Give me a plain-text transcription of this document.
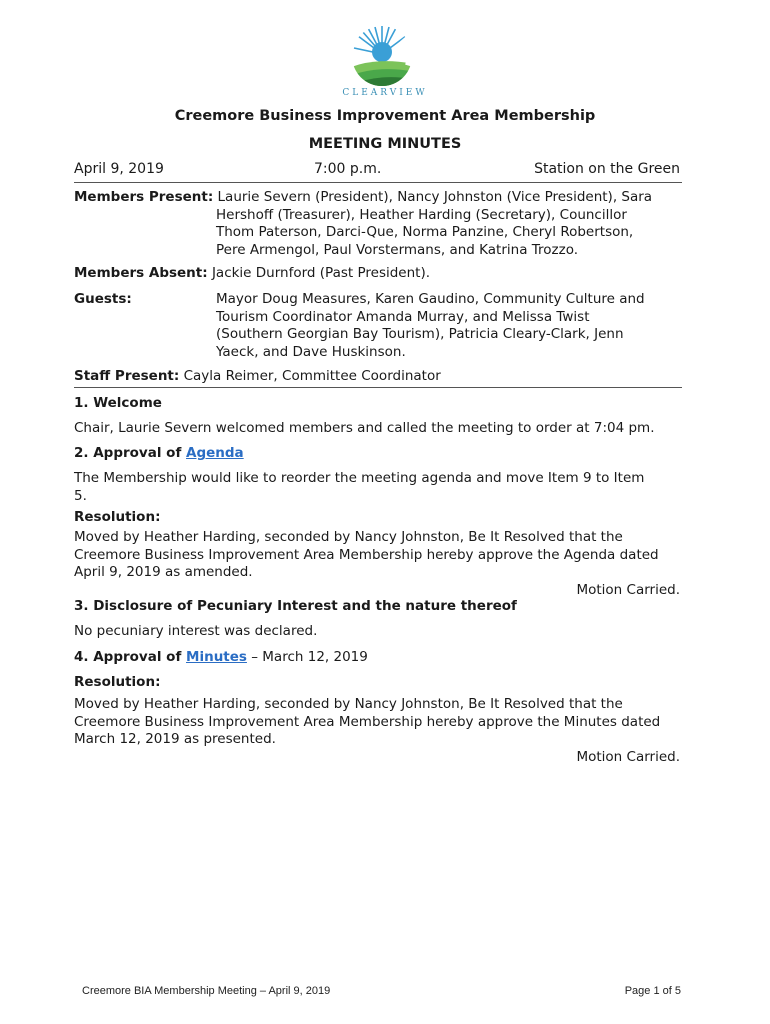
CLEARVIEW
Creemore Business Improvement Area Membership
MEETING MINUTES
April 9, 2019	7:00 p.m.	Station on the Green
Members Present: Laurie Severn (President), Nancy Johnston (Vice President), Sara
Hershoff (Treasurer), Heather Harding (Secretary), Councillor
Thom Paterson, Darci-Que, Norma Panzine, Cheryl Robertson,
Pere Armengol, Paul Vorstermans, and Katrina Trozzo.
Members Absent: Jackie Durnford (Past President).
Guests:	Mayor Doug Measures, Karen Gaudino, Community Culture and
Tourism Coordinator Amanda Murray, and Melissa Twist
(Southern Georgian Bay Tourism), Patricia Cleary-Clark, Jenn
Yaeck, and Dave Huskinson.
Staff Present: Cayla Reimer, Committee Coordinator
1. Welcome
Chair, Laurie Severn welcomed members and called the meeting to order at 7:04 pm.
2. Approval of Agenda
The Membership would like to reorder the meeting agenda and move Item 9 to Item
5.
Resolution:
Moved by Heather Harding, seconded by Nancy Johnston, Be It Resolved that the
Creemore Business Improvement Area Membership hereby approve the Agenda dated
April 9, 2019 as amended.
Motion Carried.
3. Disclosure of Pecuniary Interest and the nature thereof
No pecuniary interest was declared.
4. Approval of Minutes – March 12, 2019
Resolution:
Moved by Heather Harding, seconded by Nancy Johnston, Be It Resolved that the
Creemore Business Improvement Area Membership hereby approve the Minutes dated
March 12, 2019 as presented.
Motion Carried.
Creemore BIA Membership Meeting – April 9, 2019	Page 1 of 5
